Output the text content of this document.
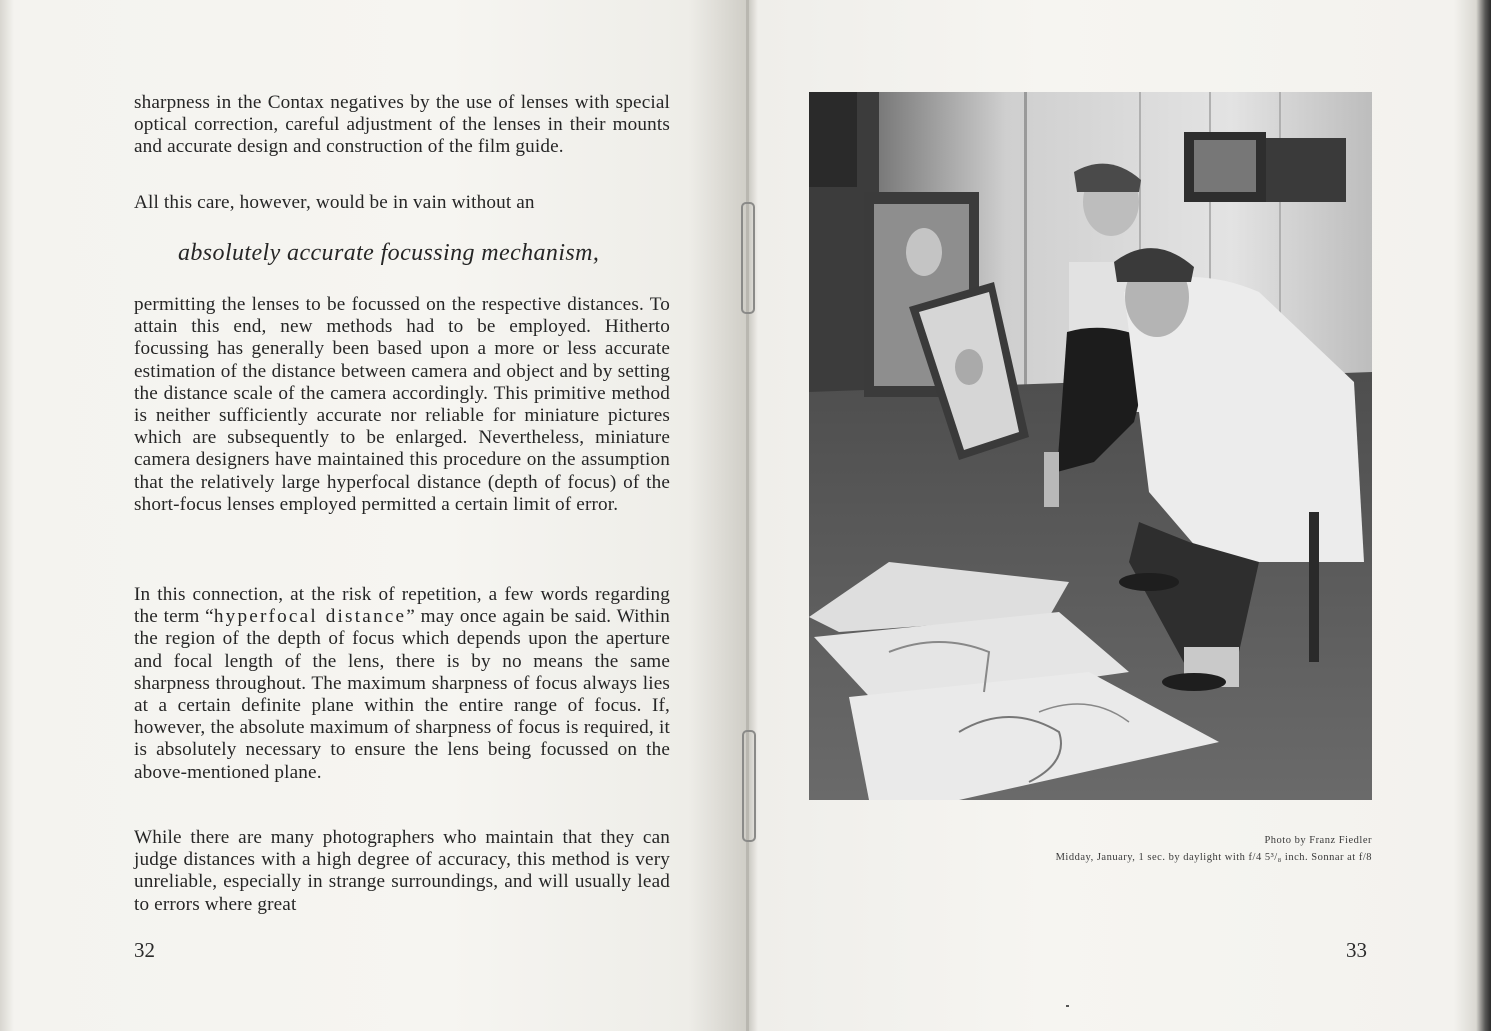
sharpness in the Contax negatives by the use of lenses with special optical correction, careful adjustment of the lenses in their mounts and accurate design and construction of the film guide.

All this care, however, would be in vain without an

absolutely accurate focussing mechanism,

permitting the lenses to be focussed on the respective distances. To attain this end, new methods had to be employed. Hitherto focussing has generally been based upon a more or less accurate estimation of the distance between camera and object and by setting the distance scale of the camera accordingly. This primitive method is neither sufficiently accurate nor reliable for miniature pictures which are subsequently to be enlarged. Nevertheless, miniature camera designers have maintained this procedure on the assumption that the relatively large hyperfocal distance (depth of focus) of the short-focus lenses employed permitted a certain limit of error.

In this connection, at the risk of repetition, a few words regarding the term “hyperfocal distance” may once again be said. Within the region of the depth of focus which depends upon the aperture and focal length of the lens, there is by no means the same sharpness throughout. The maximum sharpness of focus always lies at a certain definite plane within the entire range of focus. If, however, the absolute maximum of sharpness of focus is required, it is absolutely necessary to ensure the lens being focussed on the above-mentioned plane.

While there are many photographers who maintain that they can judge distances with a high degree of accuracy, this method is very unreliable, especially in strange surroundings, and will usually lead to errors where great

32
Photo by Franz Fiedler
Midday, January, 1 sec. by daylight with f/4 5³/₈ inch. Sonnar at f/8
33
